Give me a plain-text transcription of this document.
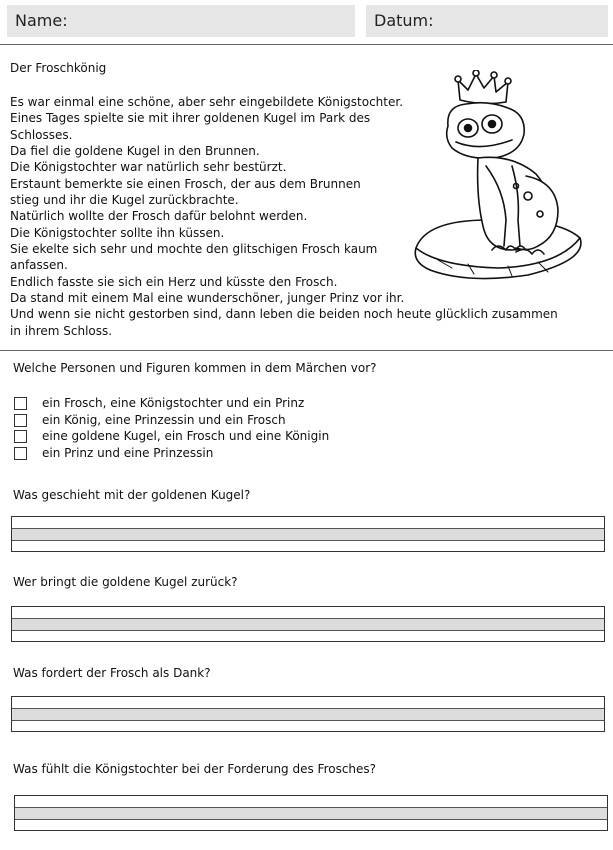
Name:	Datum:
Der Froschkönig
Es war einmal eine schöne, aber sehr eingebildete Königstochter.
Eines Tages spielte sie mit ihrer goldenen Kugel im Park des
Schlosses.
Da fiel die goldene Kugel in den Brunnen.
Die Königstochter war natürlich sehr bestürzt.
Erstaunt bemerkte sie einen Frosch, der aus dem Brunnen
stieg und ihr die Kugel zurückbrachte.
Natürlich wollte der Frosch dafür belohnt werden.
Die Königstochter sollte ihn küssen.
Sie ekelte sich sehr und mochte den glitschigen Frosch kaum
anfassen.
Endlich fasste sie sich ein Herz und küsste den Frosch.
Da stand mit einem Mal eine wunderschöner, junger Prinz vor ihr.
Und wenn sie nicht gestorben sind, dann leben die beiden noch heute glücklich zusammen
in ihrem Schloss.
Welche Personen und Figuren kommen in dem Märchen vor?
ein Frosch, eine Königstochter und ein Prinz
ein König, eine Prinzessin und ein Frosch
eine goldene Kugel, ein Frosch und eine Königin
ein Prinz und eine Prinzessin
Was geschieht mit der goldenen Kugel?
Wer bringt die goldene Kugel zurück?
Was fordert der Frosch als Dank?
Was fühlt die Königstochter bei der Forderung des Frosches?
